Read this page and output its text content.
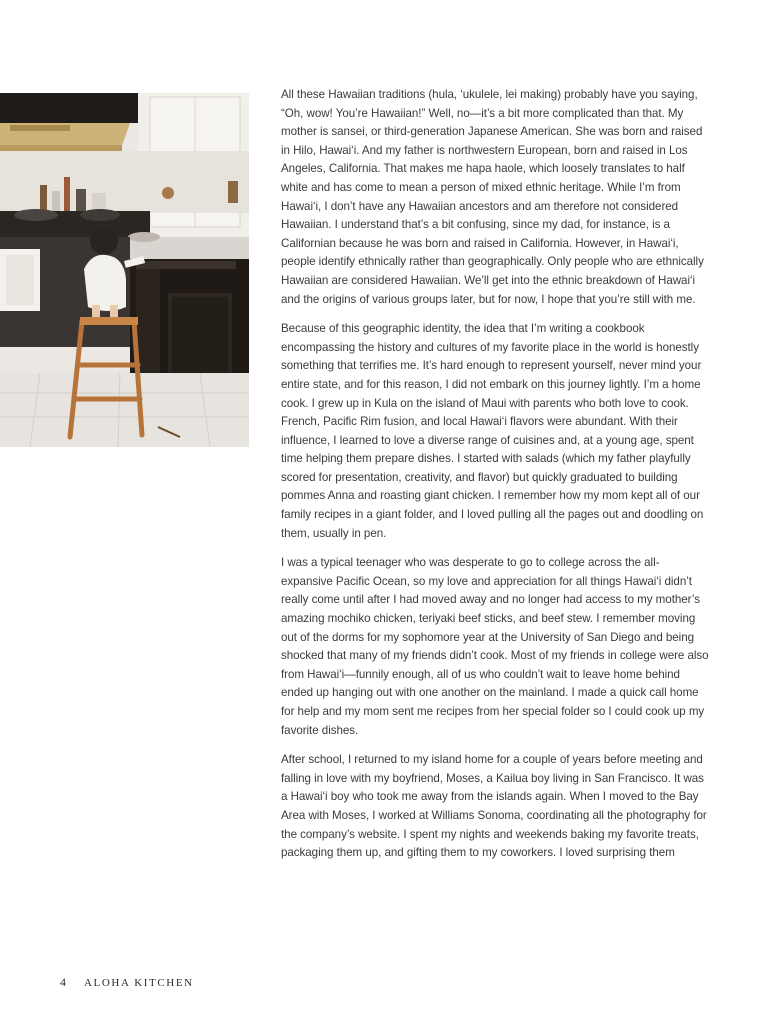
All these Hawaiian traditions (hula, ‘ukulele, lei making) probably have you saying, “Oh, wow! You’re Hawaiian!” Well, no—it’s a bit more complicated than that. My mother is sansei, or third-generation Japanese American. She was born and raised in Hilo, Hawai‘i. And my father is northwestern European, born and raised in Los Angeles, California. That makes me hapa haole, which loosely translates to half white and has come to mean a person of mixed ethnic heritage. While I’m from Hawai‘i, I don’t have any Hawaiian ancestors and am therefore not considered Hawaiian. I understand that’s a bit confusing, since my dad, for instance, is a Californian because he was born and raised in California. However, in Hawai‘i, people identify ethnically rather than geographically. Only people who are ethnically Hawaiian are considered Hawaiian. We’ll get into the ethnic breakdown of Hawai‘i and the origins of various groups later, but for now, I hope that you’re still with me.

Because of this geographic identity, the idea that I’m writing a cookbook encompassing the history and cultures of my favorite place in the world is honestly something that terrifies me. It’s hard enough to represent yourself, never mind your entire state, and for this reason, I did not embark on this journey lightly. I’m a home cook. I grew up in Kula on the island of Maui with parents who both love to cook. French, Pacific Rim fusion, and local Hawai‘i flavors were abundant. With their influence, I learned to love a diverse range of cuisines and, at a young age, spent time helping them prepare dishes. I started with salads (which my father playfully scored for presentation, creativity, and flavor) but quickly graduated to building pommes Anna and roasting giant chicken. I remember how my mom kept all of our family recipes in a giant folder, and I loved pulling all the pages out and doodling on them, usually in pen.

I was a typical teenager who was desperate to go to college across the all-expansive Pacific Ocean, so my love and appreciation for all things Hawai‘i didn’t really come until after I had moved away and no longer had access to my mother’s amazing mochiko chicken, teriyaki beef sticks, and beef stew. I remember moving out of the dorms for my sophomore year at the University of San Diego and being shocked that many of my friends didn’t cook. Most of my friends in college were also from Hawai‘i—funnily enough, all of us who couldn’t wait to leave home behind ended up hanging out with one another on the mainland. I made a quick call home for help and my mom sent me recipes from her special folder so I could cook up my favorite dishes.

After school, I returned to my island home for a couple of years before meeting and falling in love with my boyfriend, Moses, a Kailua boy living in San Francisco. It was a Hawai‘i boy who took me away from the islands again. When I moved to the Bay Area with Moses, I worked at Williams Sonoma, coordinating all the photography for the company’s website. I spent my nights and weekends baking my favorite treats, packaging them up, and gifting them to my coworkers. I loved surprising them

4 ALOHA KITCHEN
